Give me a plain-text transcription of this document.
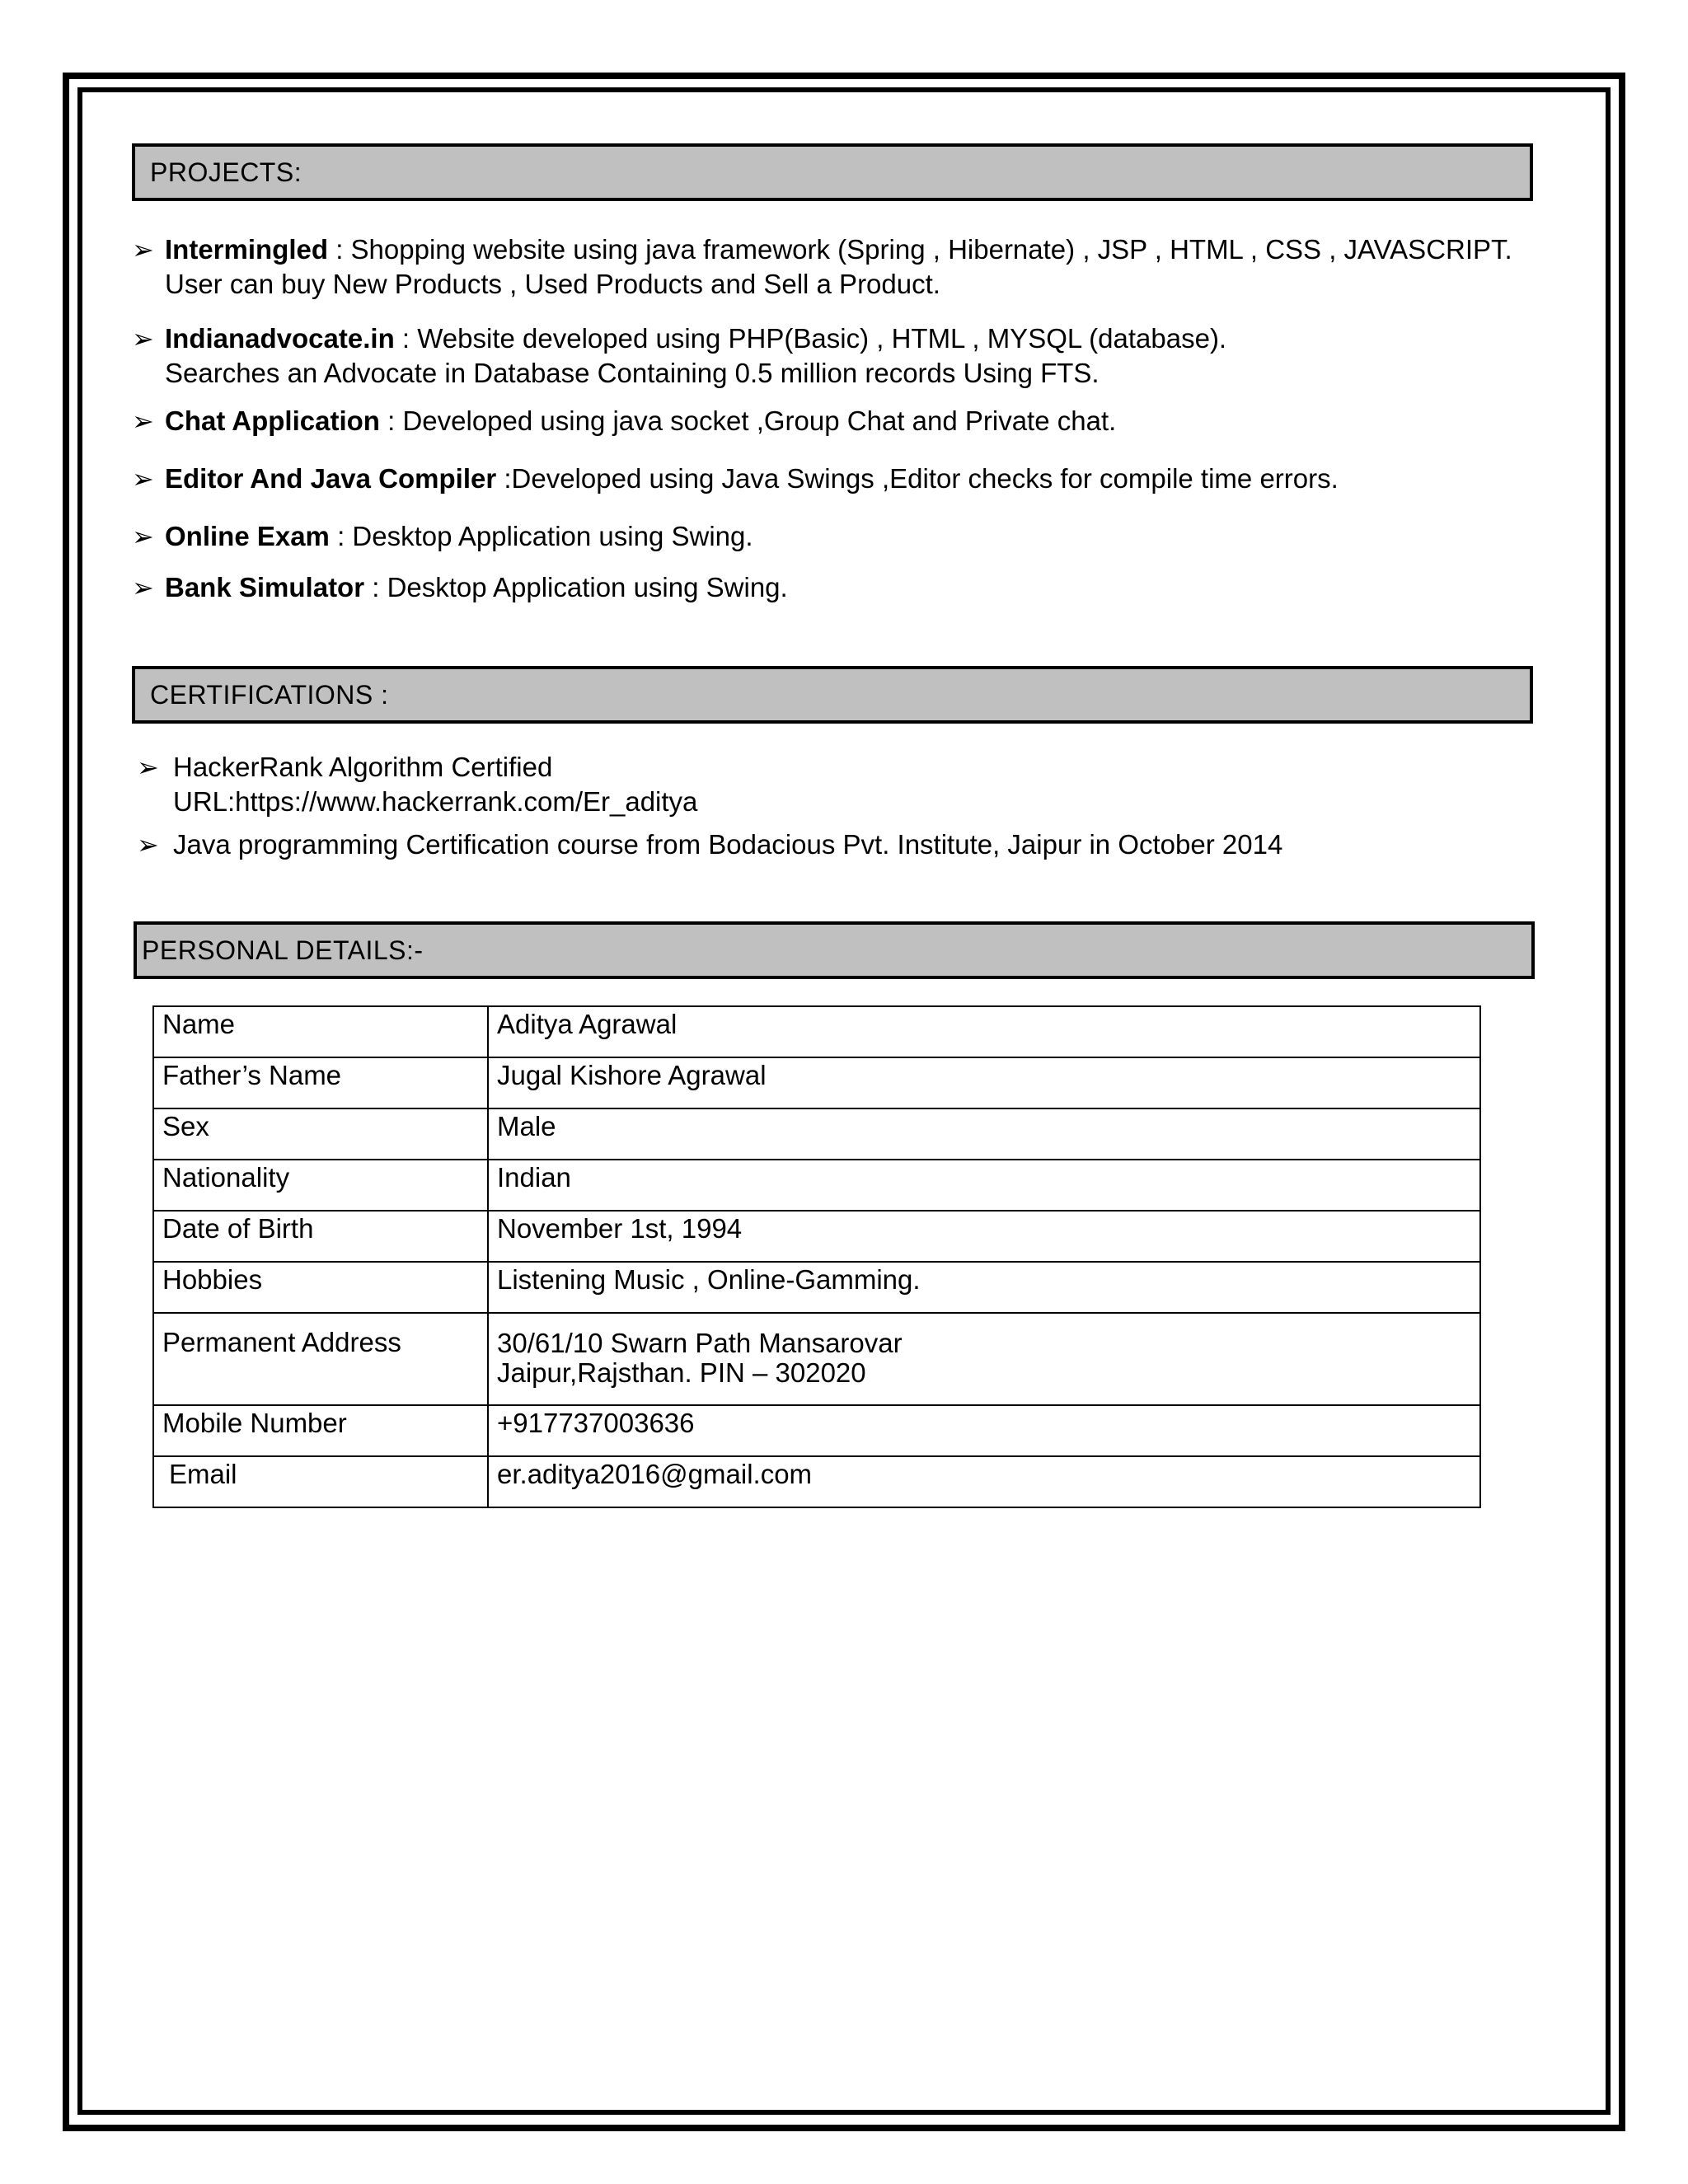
PROJECTS:
➢ Intermingled : Shopping website using java framework (Spring , Hibernate) , JSP , HTML , CSS , JAVASCRIPT.
User can buy New Products , Used Products and Sell a Product.
➢ Indianadvocate.in : Website developed using PHP(Basic) , HTML , MYSQL (database).
Searches an Advocate in Database Containing 0.5 million records Using FTS.
➢ Chat Application : Developed using java socket ,Group Chat and Private chat.
➢ Editor And Java Compiler :Developed using Java Swings ,Editor checks for compile time errors.
➢ Online Exam : Desktop Application using Swing.
➢ Bank Simulator : Desktop Application using Swing.
CERTIFICATIONS :
➢ HackerRank Algorithm Certified
URL:https://www.hackerrank.com/Er_aditya
➢ Java programming Certification course from Bodacious Pvt. Institute, Jaipur in October 2014
PERSONAL DETAILS:-
Name	Aditya Agrawal
Father’s Name	Jugal Kishore Agrawal
Sex	Male
Nationality	Indian
Date of Birth	November 1st, 1994
Hobbies	Listening Music , Online-Gamming.
Permanent Address	30/61/10 Swarn Path Mansarovar
Jaipur,Rajsthan. PIN – 302020
Mobile Number	+917737003636
Email	er.aditya2016@gmail.com
